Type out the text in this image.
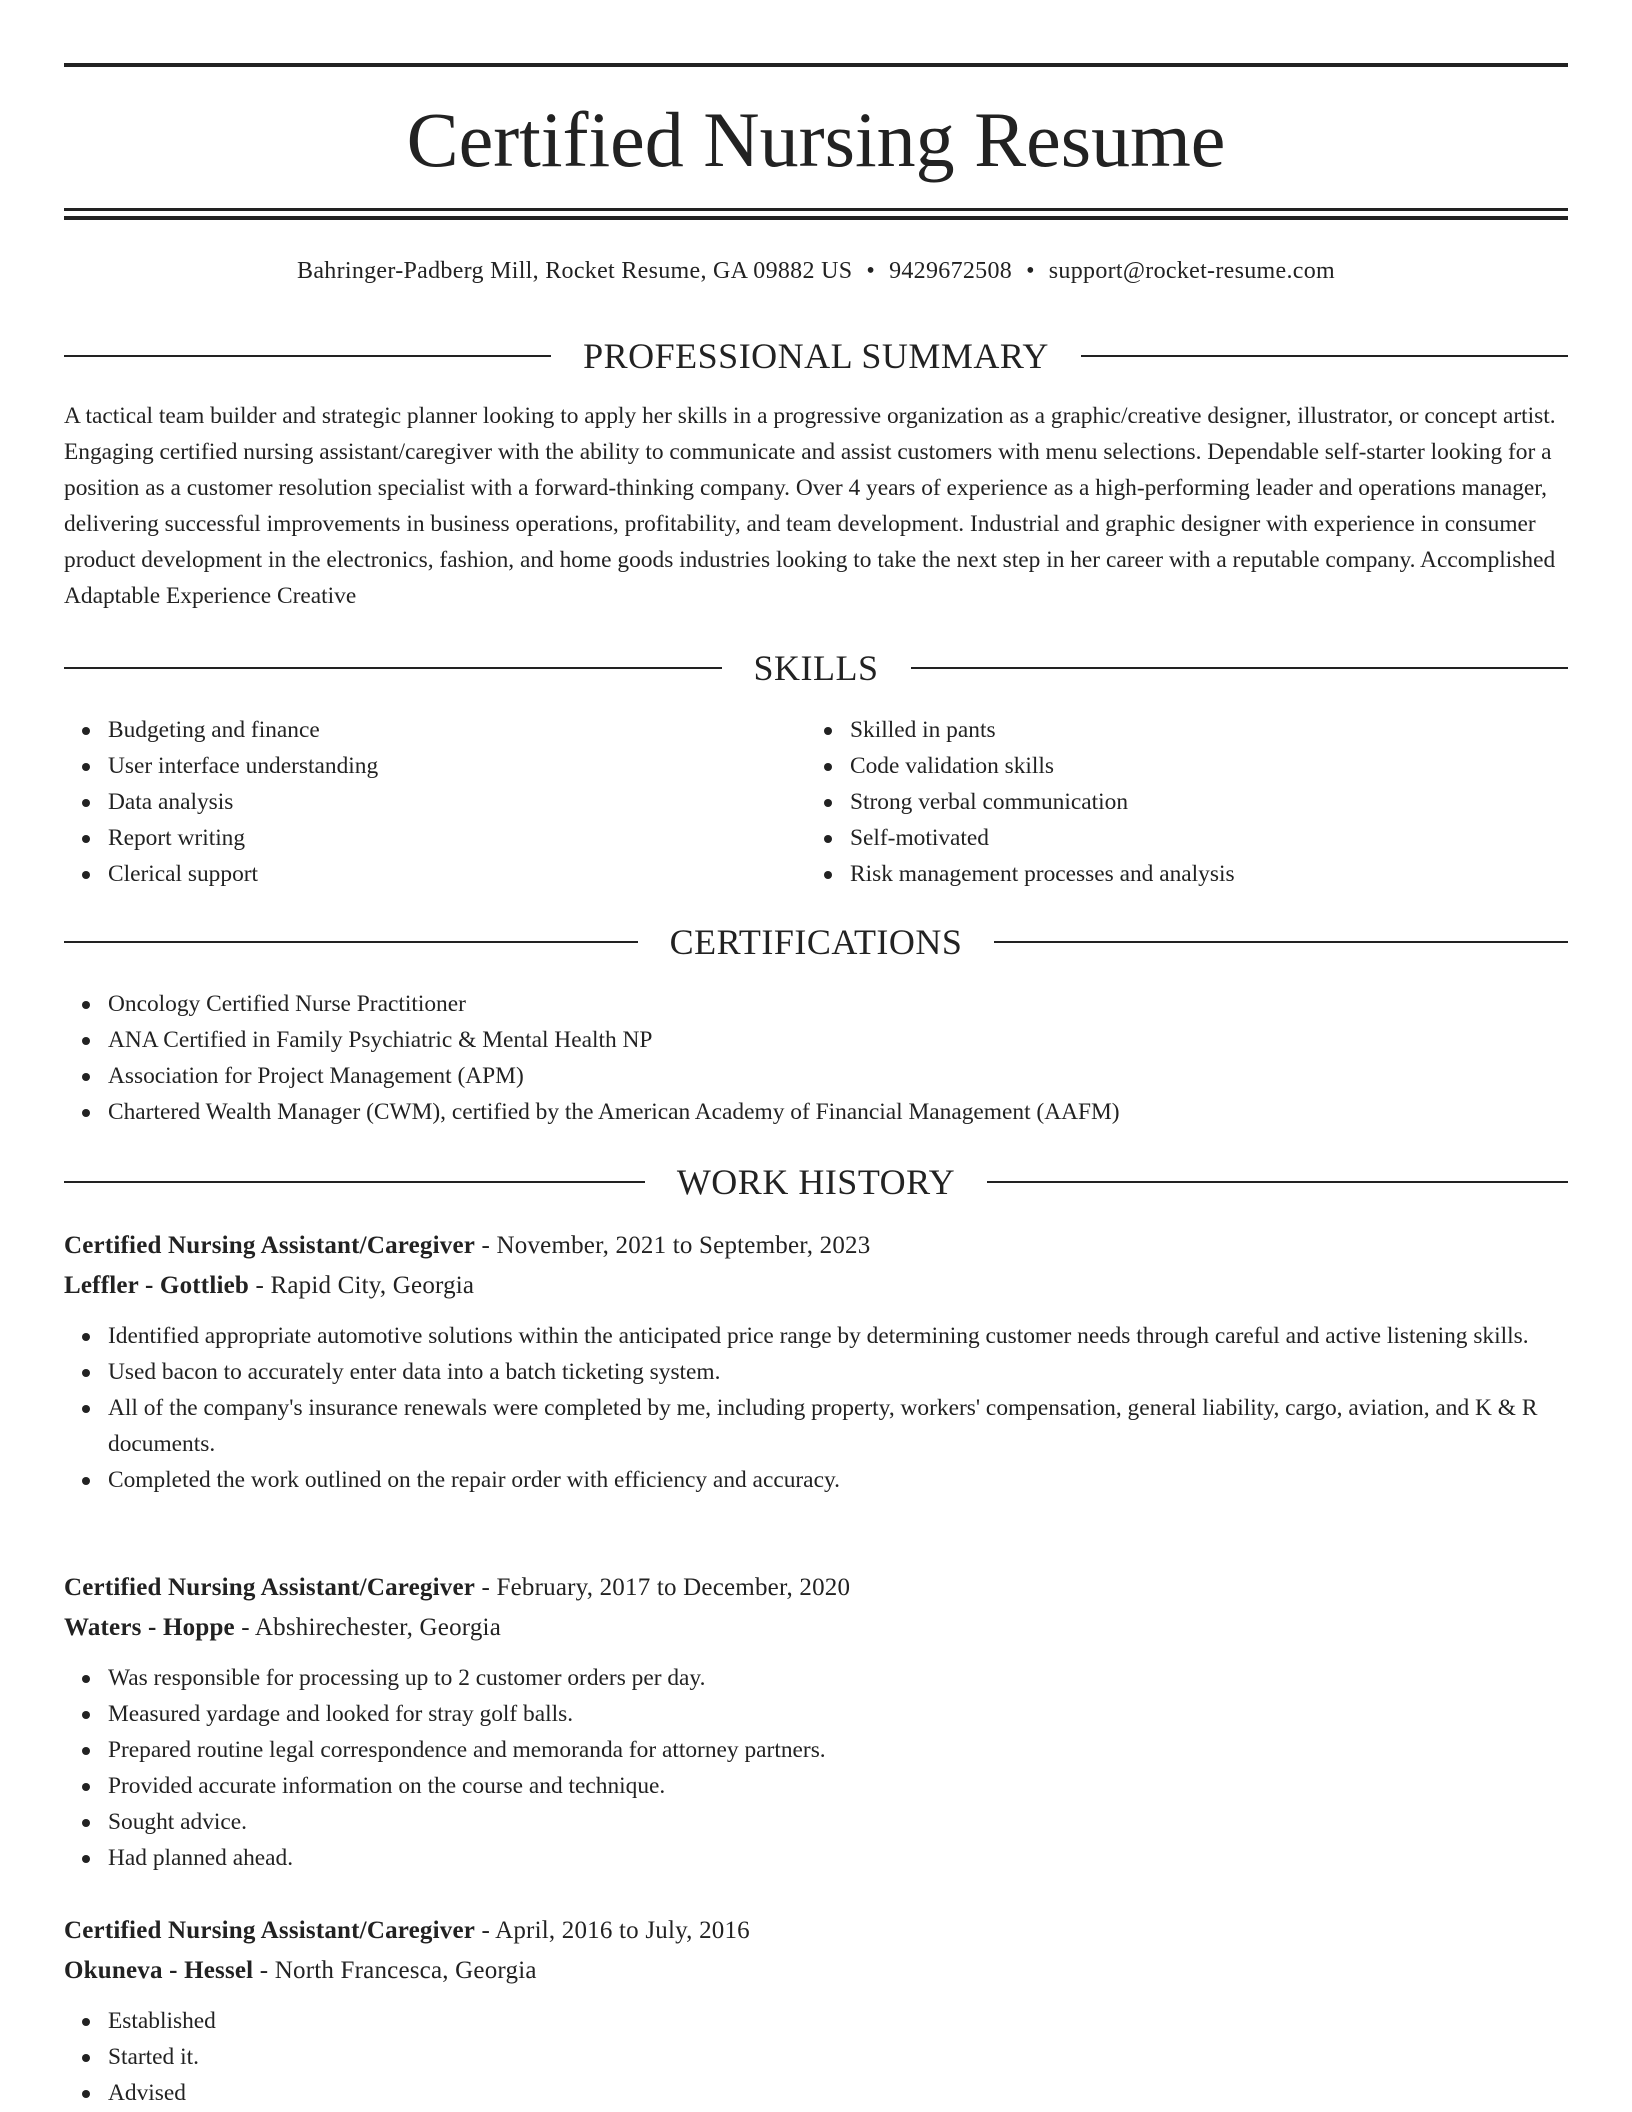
Certified Nursing Resume
Bahringer-Padberg Mill, Rocket Resume, GA 09882 US • 9429672508 • support@rocket-resume.com
PROFESSIONAL SUMMARY

A tactical team builder and strategic planner looking to apply her skills in a progressive organization as a graphic/creative designer, illustrator, or concept artist. Engaging certified nursing assistant/caregiver with the ability to communicate and assist customers with menu selections. Dependable self-starter looking for a position as a customer resolution specialist with a forward-thinking company. Over 4 years of experience as a high-performing leader and operations manager, delivering successful improvements in business operations, profitability, and team development. Industrial and graphic designer with experience in consumer product development in the electronics, fashion, and home goods industries looking to take the next step in her career with a reputable company. Accomplished Adaptable Experience Creative

SKILLS
Budgeting and finance
User interface understanding
Data analysis
Report writing
Clerical support
Skilled in pants
Code validation skills
Strong verbal communication
Self-motivated
Risk management processes and analysis
CERTIFICATIONS
Oncology Certified Nurse Practitioner
ANA Certified in Family Psychiatric & Mental Health NP
Association for Project Management (APM)
Chartered Wealth Manager (CWM), certified by the American Academy of Financial Management (AAFM)
WORK HISTORY
Certified Nursing Assistant/Caregiver - November, 2021 to September, 2023
Leffler - Gottlieb - Rapid City, Georgia
Identified appropriate automotive solutions within the anticipated price range by determining customer needs through careful and active listening skills.
Used bacon to accurately enter data into a batch ticketing system.
All of the company's insurance renewals were completed by me, including property, workers' compensation, general liability, cargo, aviation, and K & R documents.
Completed the work outlined on the repair order with efficiency and accuracy.
Certified Nursing Assistant/Caregiver - February, 2017 to December, 2020
Waters - Hoppe - Abshirechester, Georgia
Was responsible for processing up to 2 customer orders per day.
Measured yardage and looked for stray golf balls.
Prepared routine legal correspondence and memoranda for attorney partners.
Provided accurate information on the course and technique.
Sought advice.
Had planned ahead.
Certified Nursing Assistant/Caregiver - April, 2016 to July, 2016
Okuneva - Hessel - North Francesca, Georgia
Established
Started it.
Advised
